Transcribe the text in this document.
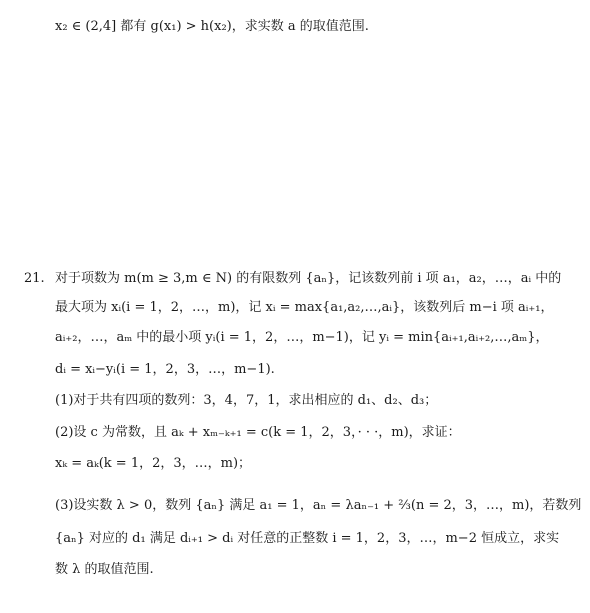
x₂ ∈ (2,4] 都有 g(x₁) > h(x₂)，求实数 a 的取值范围.
21. 对于项数为 m(m ≥ 3,m ∈ N) 的有限数列 {aₙ}，记该数列前 i 项 a₁，a₂，…，aᵢ 中的
最大项为 xᵢ(i = 1，2，…，m)，记 xᵢ = max{a₁,a₂,…,aᵢ}，该数列后 m−i 项 aᵢ₊₁，
aᵢ₊₂，…，aₘ 中的最小项 yᵢ(i = 1，2，…，m−1)，记 yᵢ = min{aᵢ₊₁,aᵢ₊₂,…,aₘ}，
dᵢ = xᵢ−yᵢ(i = 1，2，3，…，m−1).
(1)对于共有四项的数列：3，4，7，1，求出相应的 d₁、d₂、d₃；
(2)设 c 为常数，且 aₖ + xₘ₋ₖ₊₁ = c(k = 1，2，3，· · ·，m)，求证：
xₖ = aₖ(k = 1，2，3，…，m)；
(3)设实数 λ > 0，数列 {aₙ} 满足 a₁ = 1，aₙ = λaₙ₋₁ + ⅔(n = 2，3，…，m)，若数列
{aₙ} 对应的 d₁ 满足 dᵢ₊₁ > dᵢ 对任意的正整数 i = 1，2，3，…，m−2 恒成立，求实
数 λ 的取值范围.
